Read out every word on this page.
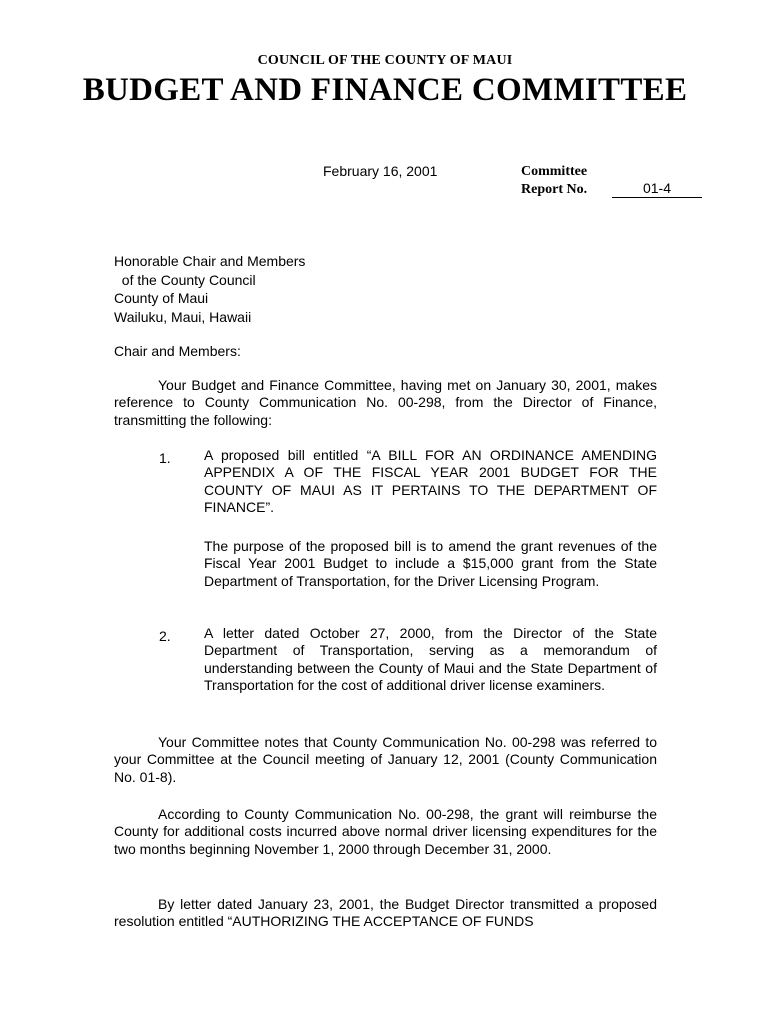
COUNCIL OF THE COUNTY OF MAUI
BUDGET AND FINANCE COMMITTEE
February 16, 2001	Committee
Report No.	01-4
Honorable Chair and Members
of the County Council
County of Maui
Wailuku, Maui, Hawaii
Chair and Members:
Your Budget and Finance Committee, having met on January 30, 2001, makes reference to County Communication No. 00-298, from the Director of Finance, transmitting the following:
1. A proposed bill entitled “A BILL FOR AN ORDINANCE AMENDING APPENDIX A OF THE FISCAL YEAR 2001 BUDGET FOR THE COUNTY OF MAUI AS IT PERTAINS TO THE DEPARTMENT OF FINANCE”.
The purpose of the proposed bill is to amend the grant revenues of the Fiscal Year 2001 Budget to include a $15,000 grant from the State Department of Transportation, for the Driver Licensing Program.
2. A letter dated October 27, 2000, from the Director of the State Department of Transportation, serving as a memorandum of understanding between the County of Maui and the State Department of Transportation for the cost of additional driver license examiners.
Your Committee notes that County Communication No. 00-298 was referred to your Committee at the Council meeting of January 12, 2001 (County Communication No. 01-8).
According to County Communication No. 00-298, the grant will reimburse the County for additional costs incurred above normal driver licensing expenditures for the two months beginning November 1, 2000 through December 31, 2000.
By letter dated January 23, 2001, the Budget Director transmitted a proposed resolution entitled “AUTHORIZING THE ACCEPTANCE OF FUNDS
